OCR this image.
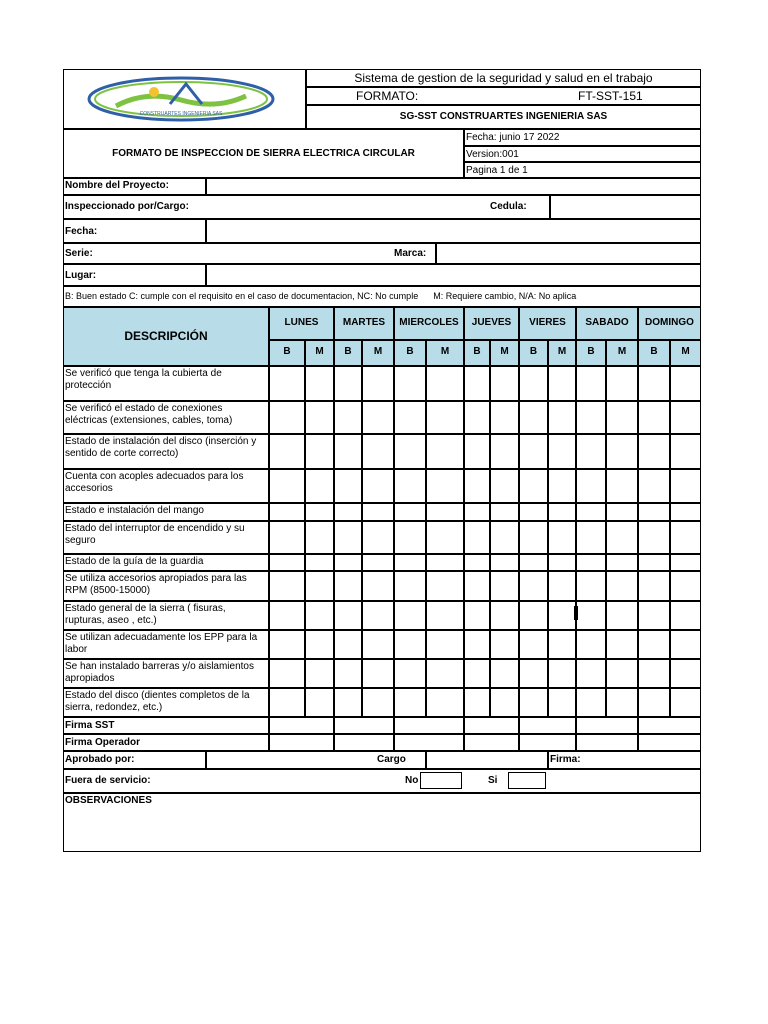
CONSTRUARTES INGENIERIA SAS
Sistema de gestion de la seguridad y salud en el trabajo
FORMATO:	FT-SST-151
SG-SST CONSTRUARTES INGENIERIA SAS
FORMATO DE INSPECCION DE SIERRA ELECTRICA CIRCULAR
Fecha: junio 17 2022
Version:001
Pagina 1 de 1
Nombre del Proyecto:
Inspeccionado por/Cargo:	Cedula:
Fecha:
Serie:	Marca:
Lugar:
B: Buen estado C: cumple con el requisito en el caso de documentacion, NC: No cumple      M: Requiere cambio, N/A: No aplica
DESCRIPCIÓN
LUNES
B	M
MARTES
B	M
MIERCOLES
B	M
JUEVES
B	M
VIERES
B	M
SABADO
B	M
DOMINGO
B	M
Se verificó que tenga la cubierta de protección
Se verificó el estado de conexiones eléctricas (extensiones, cables, toma)
Estado de instalación del disco (inserción y sentido de corte correcto)
Cuenta con acoples adecuados para los accesorios
Estado e instalación del mango
Estado del interruptor de encendido y su seguro
Estado de la guía de la guardia
Se utiliza accesorios apropiados para las RPM (8500-15000)
Estado general de la sierra ( fisuras, rupturas, aseo , etc.)
Se utilizan adecuadamente los EPP para la labor
Se han instalado barreras y/o aislamientos apropiados
Estado del disco (dientes completos de la sierra, redondez, etc.)
Firma SST
Firma Operador
Aprobado por:	Cargo	Firma:
Fuera de servicio:	No	Si
OBSERVACIONES
